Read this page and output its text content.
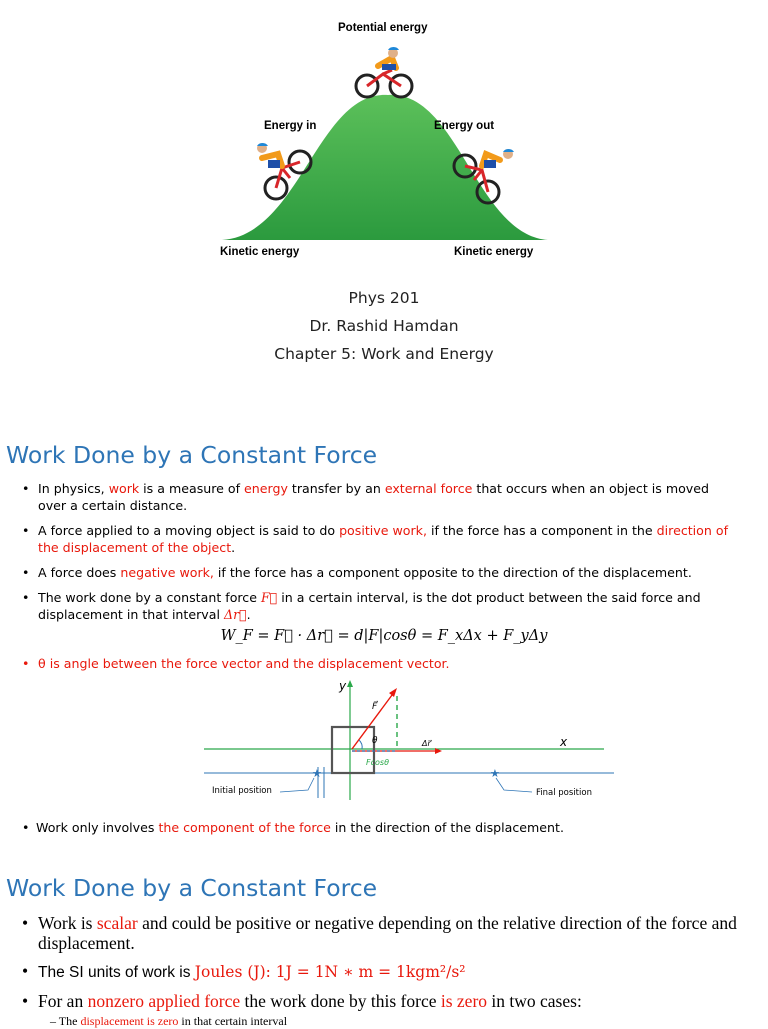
Potential energy
Energy in	Energy out
Kinetic energy	Kinetic energy
Phys 201
Dr. Rashid Hamdan
Chapter 5: Work and Energy
Work Done by a Constant Force
• In physics, work is a measure of energy transfer by an external force that occurs when an object is moved over a certain distance.
• A force applied to a moving object is said to do positive work, if the force has a component in the direction of the displacement of the object.
• A force does negative work, if the force has a component opposite to the direction of the displacement.
• The work done by a constant force F⃗ in a certain interval, is the dot product between the said force and displacement in that interval Δr⃗.
W_F = F⃗ · Δr⃗ = d|F|cosθ = F_xΔx + F_yΔy
• θ is angle between the force vector and the displacement vector.
★	★
y
x
F⃗
θ	Δr⃗
Fcosθ
Initial position	Final position
• Work only involves the component of the force in the direction of the displacement.
Work Done by a Constant Force
• Work is scalar and could be positive or negative depending on the relative direction of the force and displacement.
• The SI units of work is Joules (J): 1J = 1N ∗ m = 1kgm²/s²
• For an nonzero applied force the work done by this force is zero in two cases:
– The displacement is zero in that certain interval
